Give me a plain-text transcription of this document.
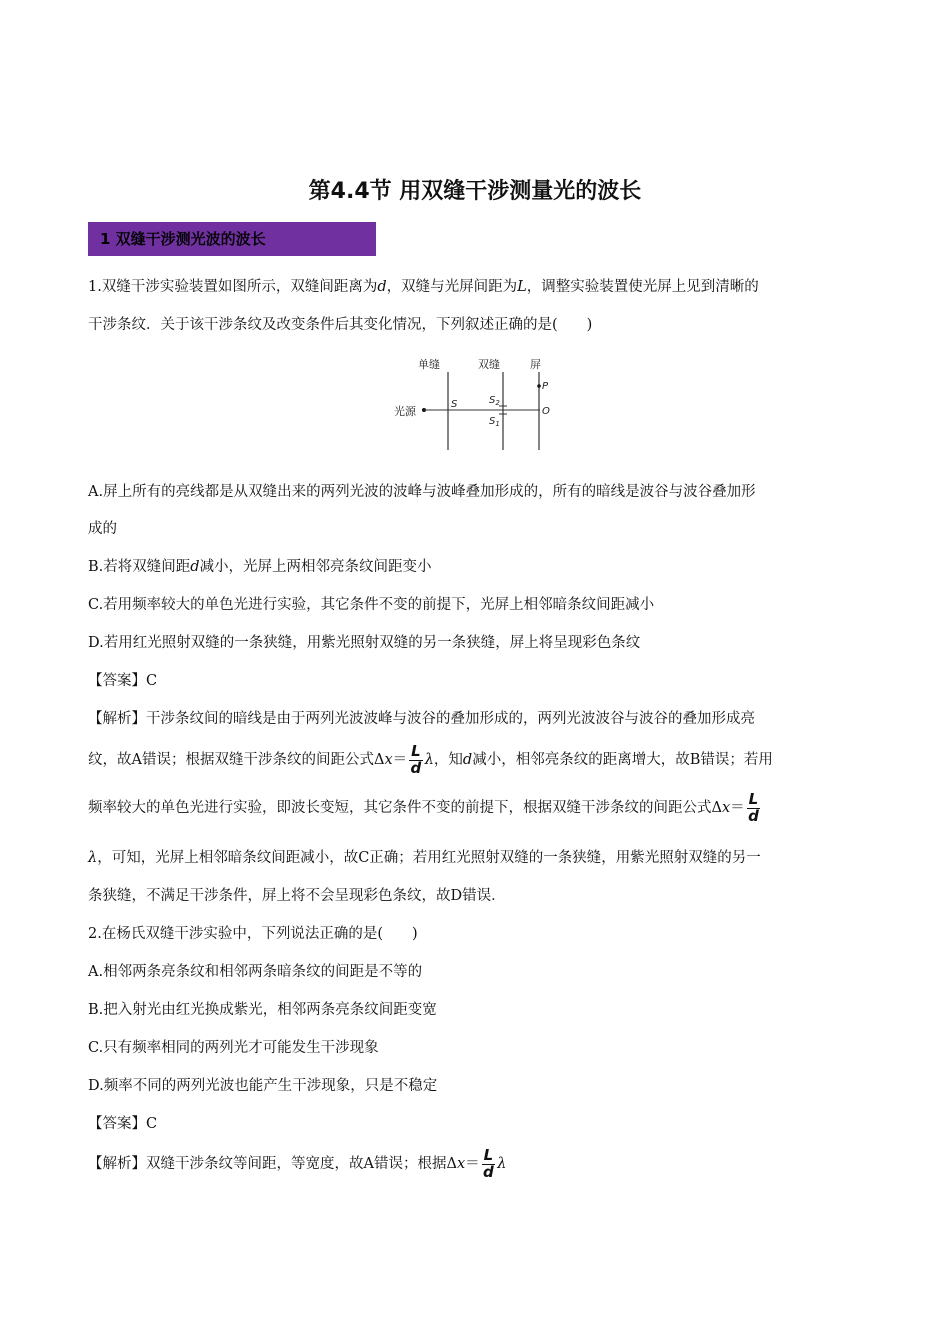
第4.4节 用双缝干涉测量光的波长
1 双缝干涉测光波的波长
1.双缝干涉实验装置如图所示，双缝间距离为d，双缝与光屏间距为L，调整实验装置使光屏上见到清晰的
干涉条纹．关于该干涉条纹及改变条件后其变化情况，下列叙述正确的是(　　)
单缝	双缝	屏
光源
S	$S_2$
$S_1$
P
O
A.屏上所有的亮线都是从双缝出来的两列光波的波峰与波峰叠加形成的，所有的暗线是波谷与波谷叠加形
成的
B.若将双缝间距d减小，光屏上两相邻亮条纹间距变小
C.若用频率较大的单色光进行实验，其它条件不变的前提下，光屏上相邻暗条纹间距减小
D.若用红光照射双缝的一条狭缝，用紫光照射双缝的另一条狭缝，屏上将呈现彩色条纹
【答案】C
【解析】干涉条纹间的暗线是由于两列光波波峰与波谷的叠加形成的，两列光波波谷与波谷的叠加形成亮
纹，故A错误；根据双缝干涉条纹的间距公式$\Delta x= \frac{L}{d}$ λ，知d减小，相邻亮条纹的距离增大，故B错误；若用
频率较大的单色光进行实验，即波长变短，其它条件不变的前提下，根据双缝干涉条纹的间距公式$\Delta x= \frac{L}{d}$
λ，可知，光屏上相邻暗条纹间距减小，故C正确；若用红光照射双缝的一条狭缝，用紫光照射双缝的另一
条狭缝，不满足干涉条件，屏上将不会呈现彩色条纹，故D错误．
2.在杨氏双缝干涉实验中，下列说法正确的是(　　)
A.相邻两条亮条纹和相邻两条暗条纹的间距是不等的
B.把入射光由红光换成紫光，相邻两条亮条纹间距变宽
C.只有频率相同的两列光才可能发生干涉现象
D.频率不同的两列光波也能产生干涉现象，只是不稳定
【答案】C
【解析】双缝干涉条纹等间距，等宽度，故A错误；根据$\Delta x= \frac{L}{d}$ λ
